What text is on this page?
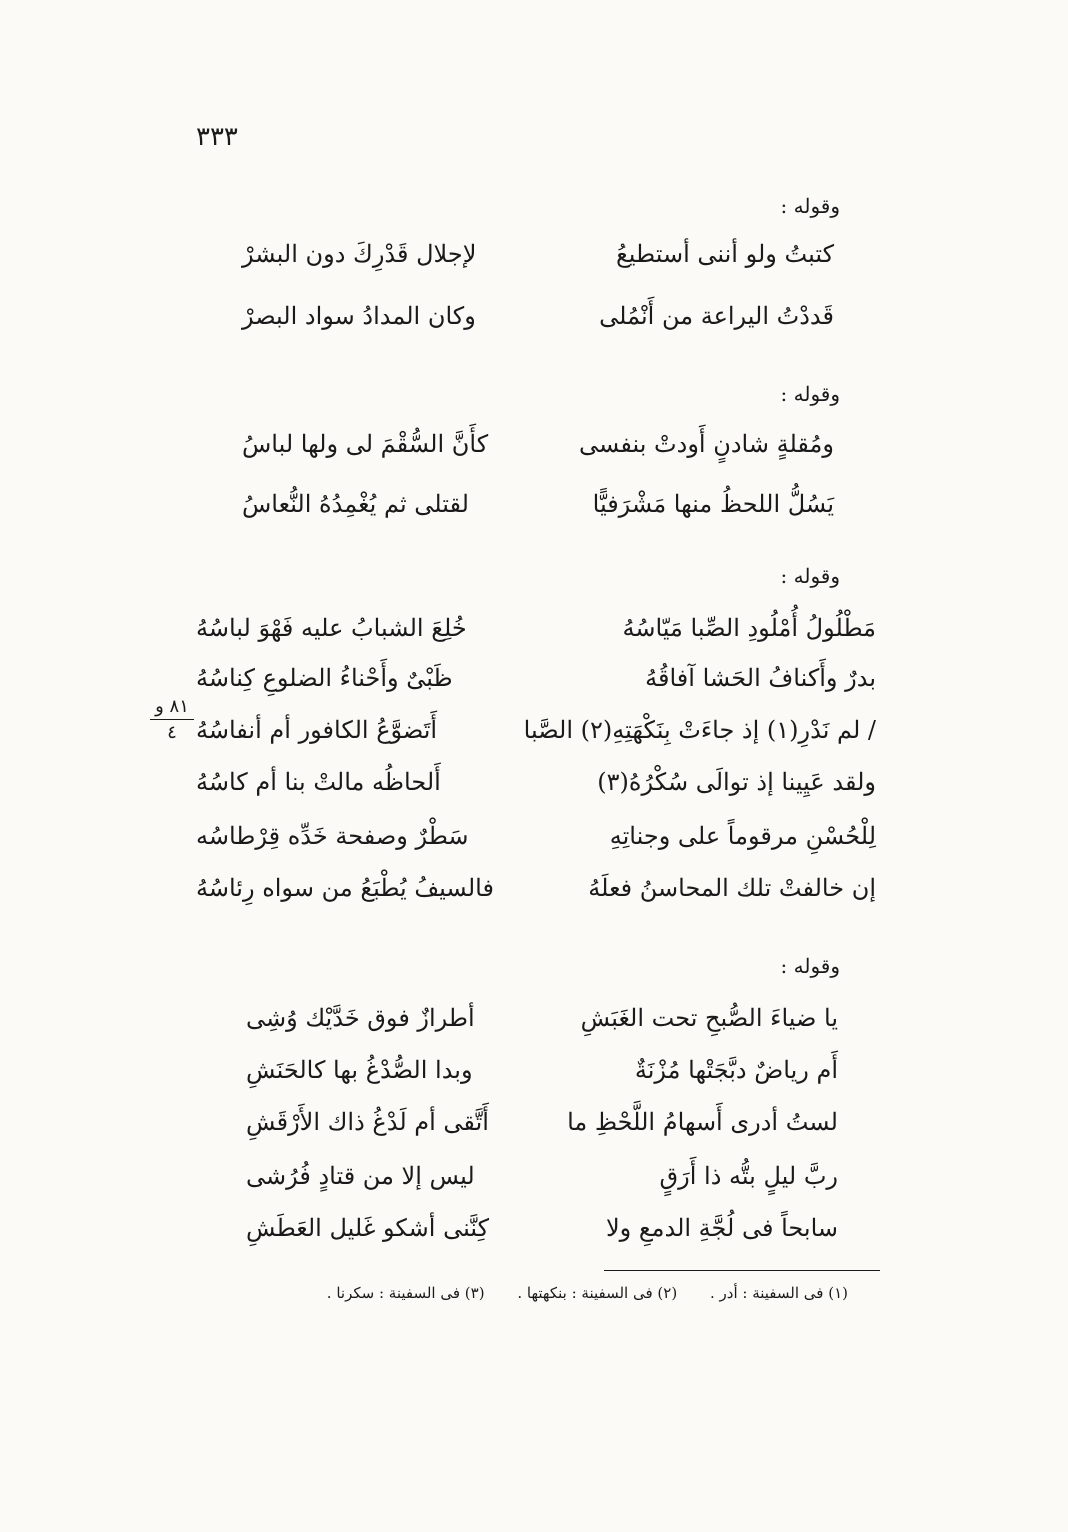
٣٣٣
وقوله :
كتبتُ ولو أننى أستطيعُ
لإجلال قَدْرِكَ دون البشرْ
قَددْتُ اليراعة من أَنْمُلى
وكان المدادُ سواد البصرْ
وقوله :
ومُقلةٍ شادنٍ أَودتْ بنفسى
كأَنَّ السُّقْمَ لى ولها لباسُ
يَسُلُّ اللحظُ منها مَشْرَفيًّا
لقتلى ثم يُغْمِدُهُ النُّعاسُ
وقوله :
مَطْلُولُ أُمْلُودِ الصِّبا مَيّاسُهُ
خُلِعَ الشبابُ عليه فَهْوَ لباسُهُ
بدرٌ وأَكنافُ الحَشا آفاقُهُ
ظَبْىٌ وأَحْناءُ الضلوعِ كِناسُهُ
/ لم نَدْرِ(١) إذ جاءَتْ بِنَكْهَتِهِ(٢) الصَّبا
أَتَضوَّعُ الكافور أم أنفاسُهُ
ولقد عَيِينا إذ توالَى سُكْرُهُ(٣)
أَلحاظُه مالتْ بنا أم كاسُهُ
لِلْحُسْنِ مرقوماً على وجناتِهِ
سَطْرٌ وصفحة خَدِّه قِرْطاسُه
إن خالفتْ تلك المحاسنُ فعلَهُ
فالسيفُ يُطْبَعُ من سواه رِئاسُهُ
٨١ و
٤
وقوله :
يا ضياءَ الصُّبحِ تحت الغَبَشِ
أطرازٌ فوق خَدَّيْك وُشِى
أَم رياضٌ دبَّجَتْها مُزْنَةٌ
وبدا الصُّدْغُ بها كالحَنَشِ
لستُ أدرى أَسهامُ اللَّحْظِ ما
أَتَّقى أم لَدْغُ ذاك الأَرْقَشِ
ربَّ ليلٍ بتُّه ذا أَرَقٍ
ليس إلا من قتادٍ فُرُشى
سابحاً فى لُجَّةِ الدمعِ ولا
كِنَّنى أشكو غَليل العَطَشِ
(١) فى السفينة : أدر . (٢) فى السفينة : بنكهتها . (٣) فى السفينة : سكرنا .
